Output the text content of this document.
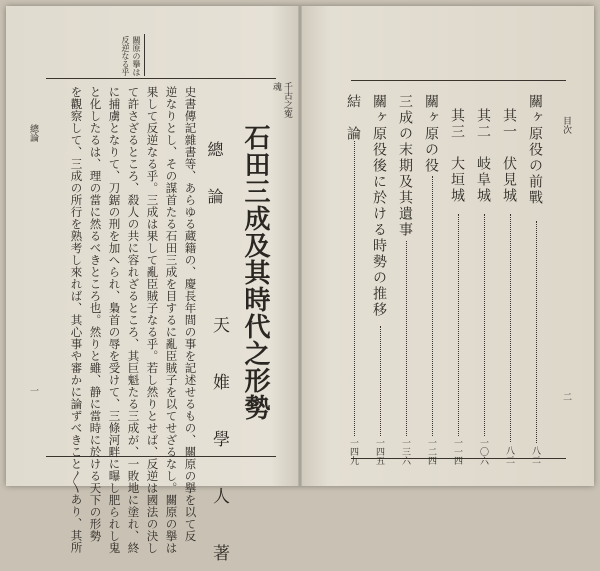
關原の擧は反逆なる乎
總論
一	史書傳記雜書等、あらゆる蔵籍の、慶長年間の事を記述せるもの、關原の擧を以て反
逆なりとし、その謀首たる石田三成を目するに亂臣賊子を以てせざるなし。關原の擧は
果して反逆なる乎。三成は果して亂臣賊子なる乎。若し然りとせば、反逆は國法の決し
て許さざるところ、殺人の共に容れざるところ、其巨魁たる三成が、一敗地に塗れ、終
に捕虜となりて、刀鋸の刑を加へられ、梟首の辱を受けて、三條河畔に曝し肥られし鬼
と化したるは、理の當に然るべきところ也。然りと雖、静に當時に於ける天下の形勢
を觀察して、三成の所行を熟考し來れば、其心事や審かに論ずべきこと〳〵あり、其所	總 論
千古之寃魂
石田三成及其時代之形勢
天 婎 學 人 著
目次
二
關ヶ原役の前戰
八二
其一　伏見城
八二
其二　岐阜城
一〇六
其三　大垣城
一一四
關ヶ原の役
一二四
三成の末期及其遺事
一三六
關ヶ原役後に於ける時勢の推移
一四五
結　論
一四九
